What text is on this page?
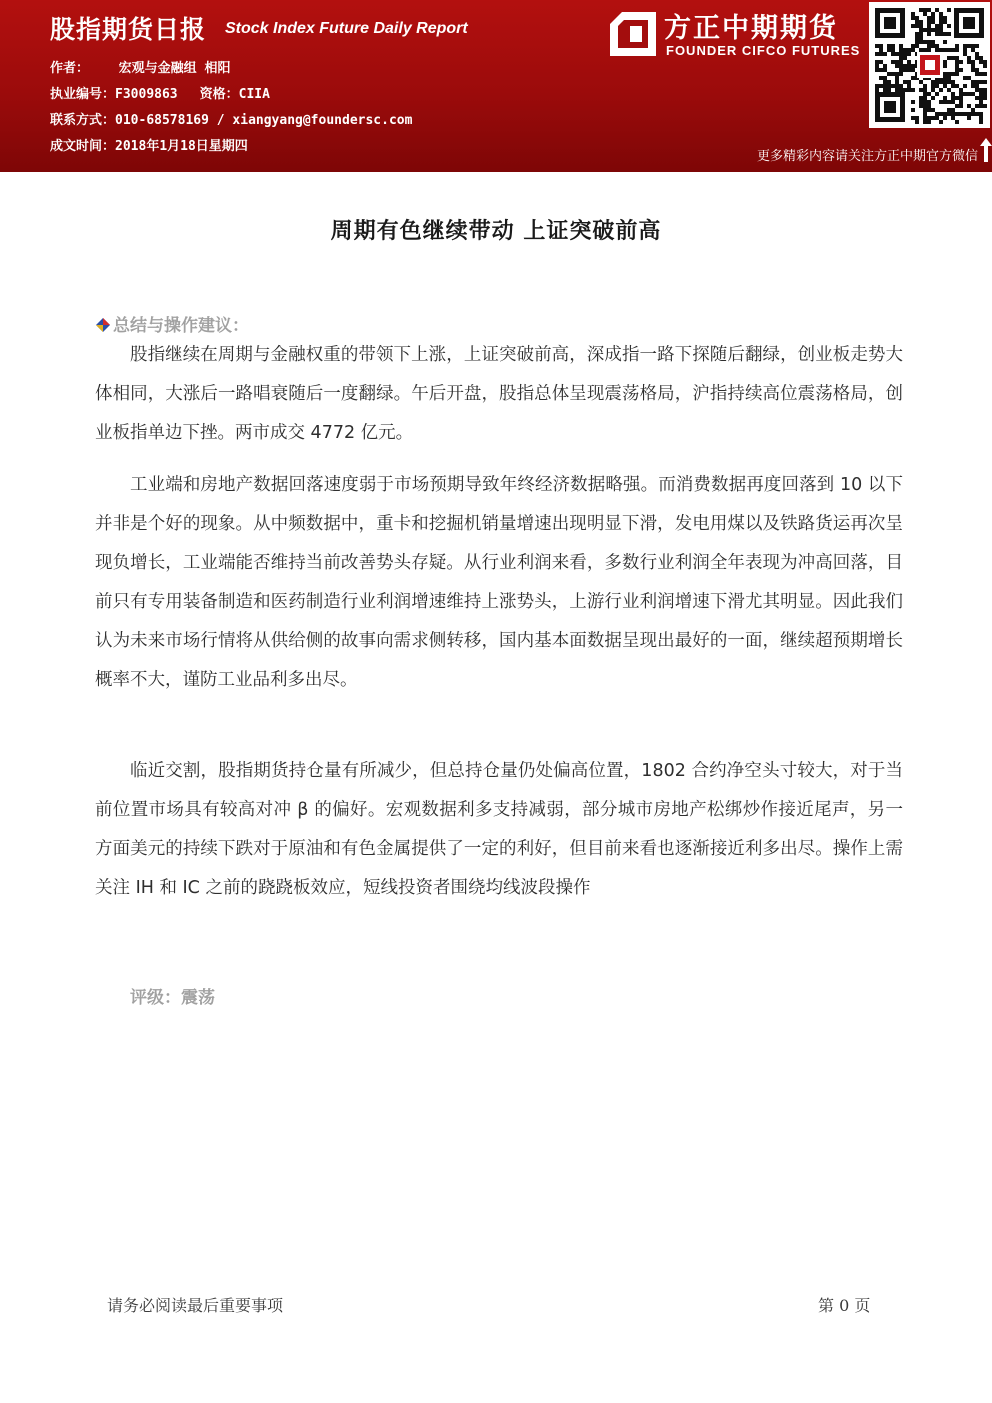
股指期货日报 Stock Index Future Daily Report
作者： 宏观与金融组 相阳
执业编号：F3009863 资格：CIIA
联系方式：010-68578169 / xiangyang@foundersc.com
成文时间：2018年1月18日星期四
方正中期期货
FOUNDER CIFCO FUTURES
更多精彩内容请关注方正中期官方微信
周期有色继续带动 上证突破前高
总结与操作建议：

股指继续在周期与金融权重的带领下上涨，上证突破前高，深成指一路下探随后翻绿，创业板走势大体相同，大涨后一路唱衰随后一度翻绿。午后开盘，股指总体呈现震荡格局，沪指持续高位震荡格局，创业板指单边下挫。两市成交 4772 亿元。

工业端和房地产数据回落速度弱于市场预期导致年终经济数据略强。而消费数据再度回落到 10 以下并非是个好的现象。从中频数据中，重卡和挖掘机销量增速出现明显下滑，发电用煤以及铁路货运再次呈现负增长，工业端能否维持当前改善势头存疑。从行业利润来看，多数行业利润全年表现为冲高回落，目前只有专用装备制造和医药制造行业利润增速维持上涨势头，上游行业利润增速下滑尤其明显。因此我们认为未来市场行情将从供给侧的故事向需求侧转移，国内基本面数据呈现出最好的一面，继续超预期增长概率不大，谨防工业品利多出尽。

临近交割，股指期货持仓量有所减少，但总持仓量仍处偏高位置，1802 合约净空头寸较大，对于当前位置市场具有较高对冲 β 的偏好。宏观数据利多支持减弱，部分城市房地产松绑炒作接近尾声，另一方面美元的持续下跌对于原油和有色金属提供了一定的利好，但目前来看也逐渐接近利多出尽。操作上需关注 IH 和 IC 之前的跷跷板效应，短线投资者围绕均线波段操作

评级：震荡
请务必阅读最后重要事项	第 0 页
